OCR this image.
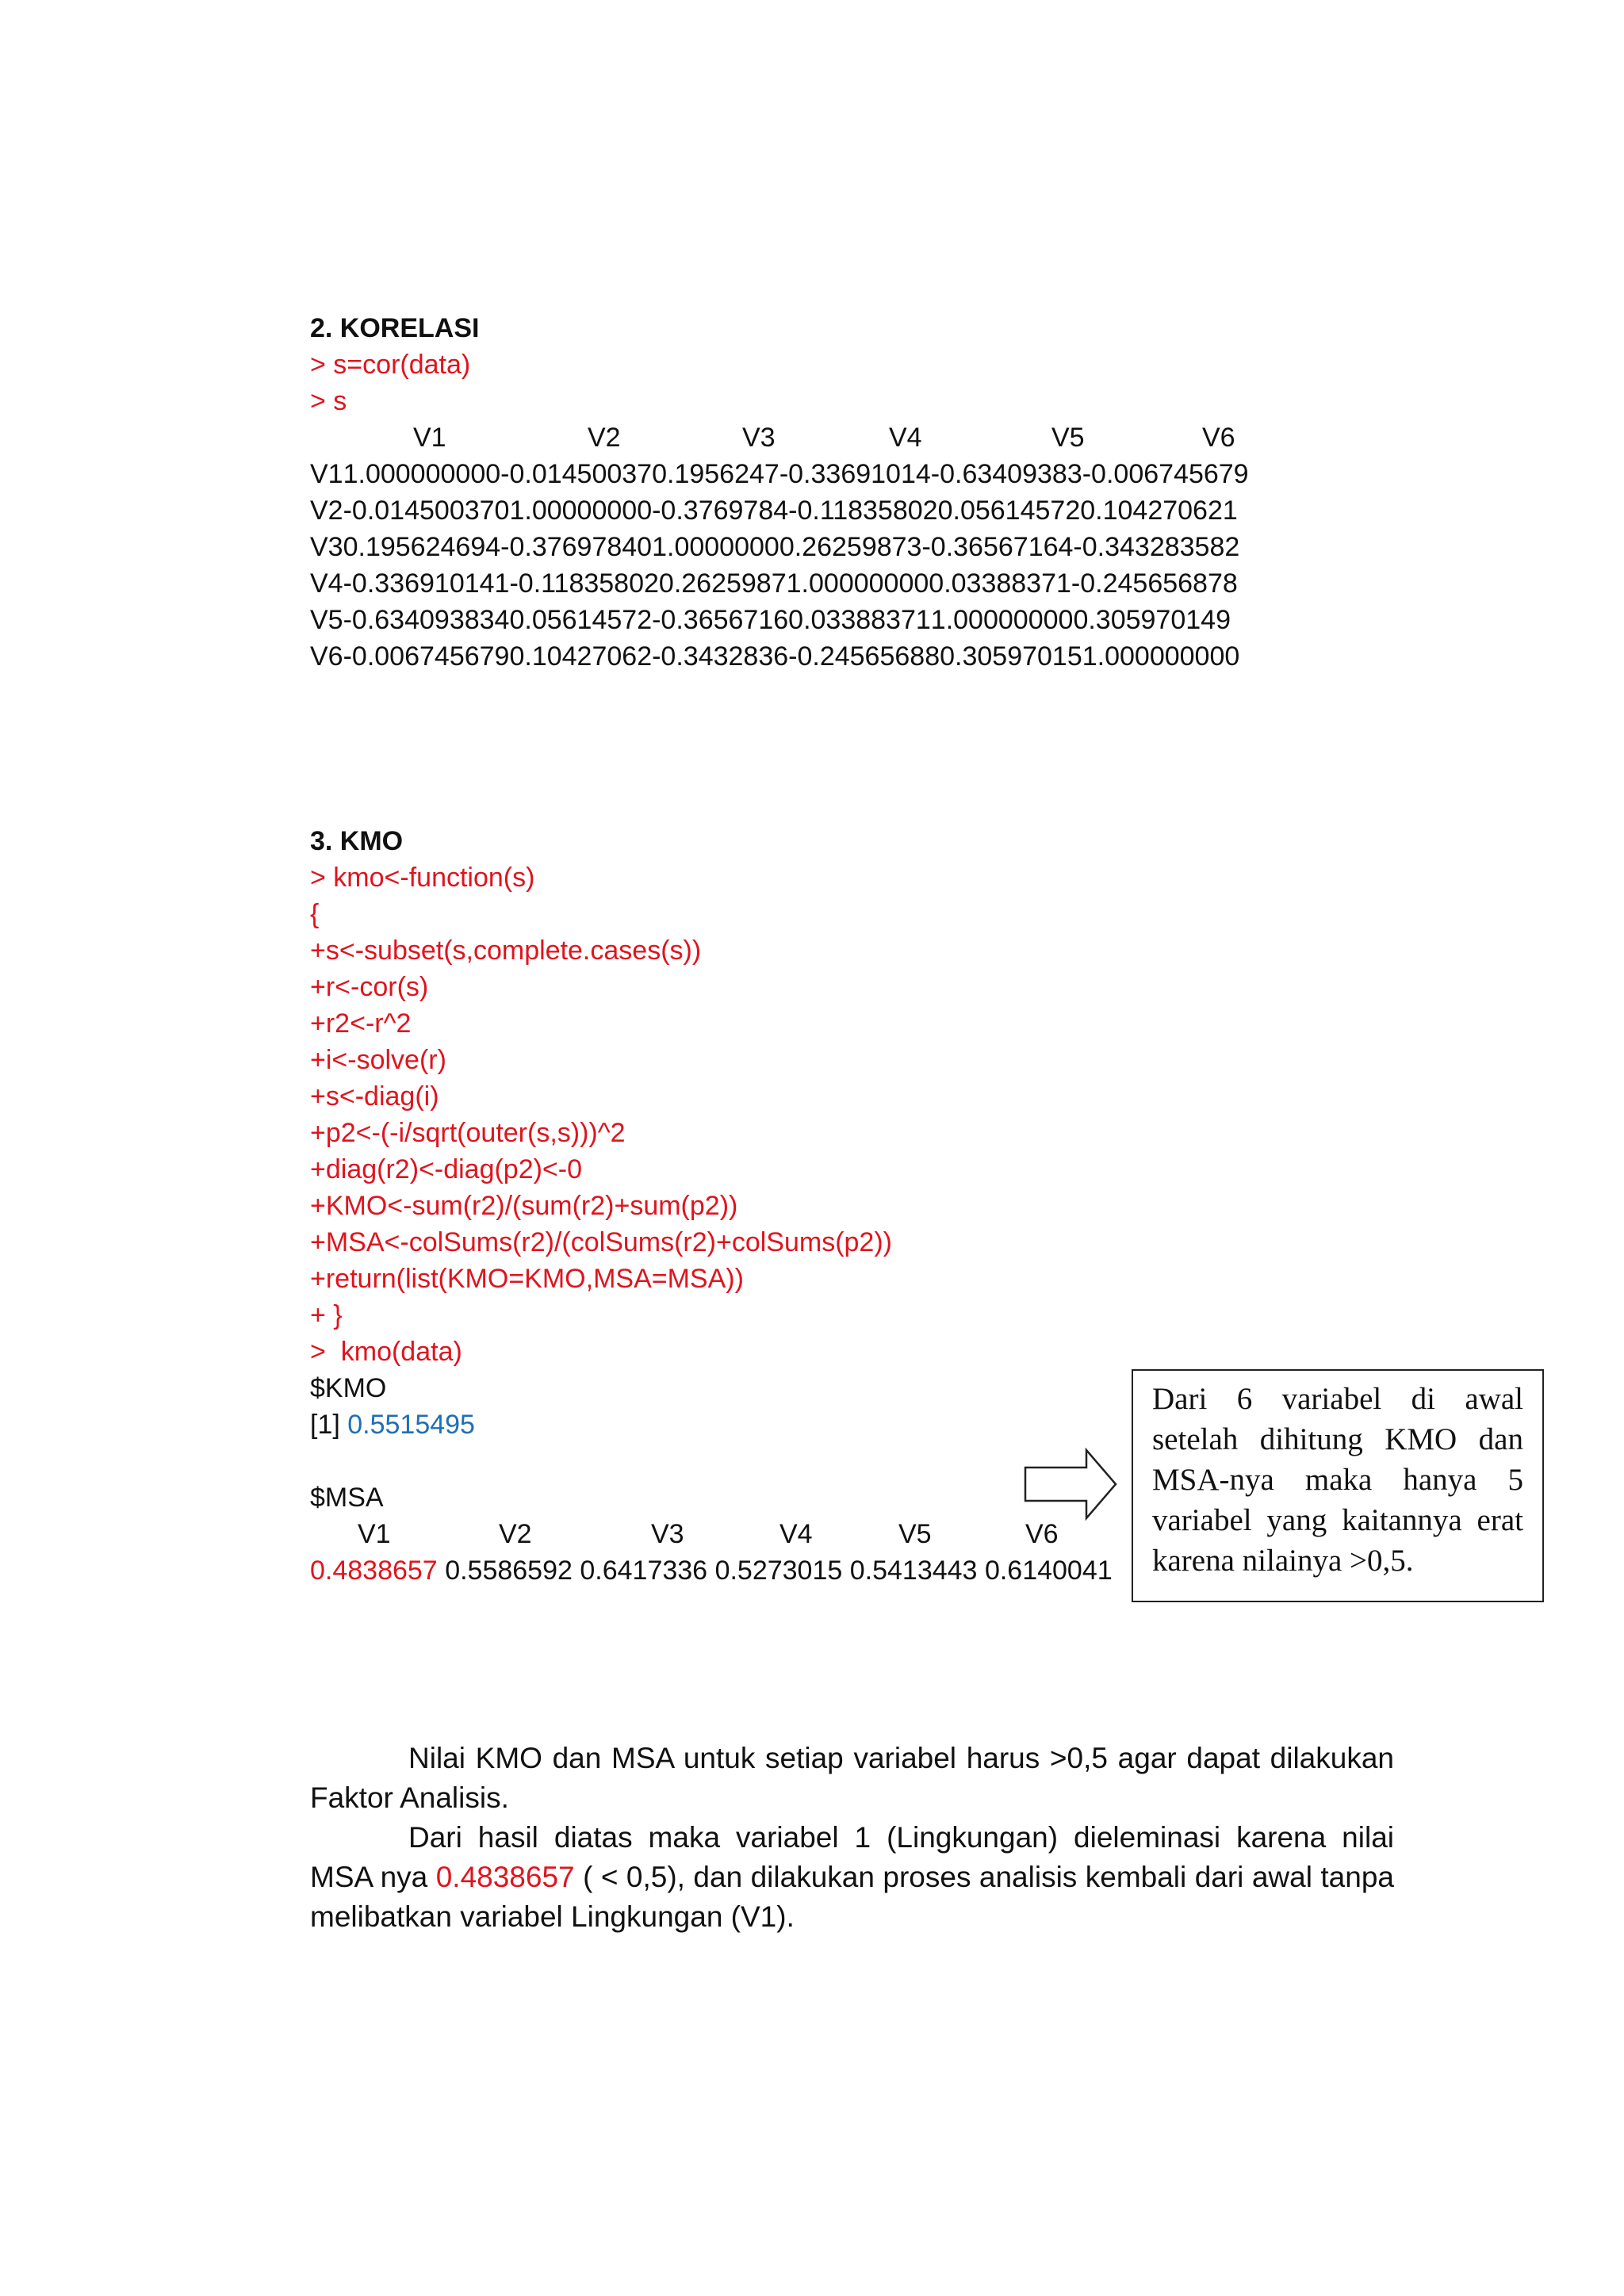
2. KORELASI
> s=cor(data)
> s
V1	V2	V3	V4	V5	V6
V1 1.000000000 -0.01450037 0.1956247 -0.33691014 -0.63409383 -0.006745679
V2 -0.014500370 1.00000000 -0.3769784 -0.11835802 0.05614572 0.104270621
V3 0.195624694 -0.37697840 1.0000000 0.26259873 -0.36567164 -0.343283582
V4 -0.336910141 -0.11835802 0.2625987 1.00000000 0.03388371 -0.245656878
V5 -0.634093834 0.05614572 -0.3656716 0.03388371 1.00000000 0.305970149
V6 -0.006745679 0.10427062 -0.3432836 -0.24565688 0.30597015 1.000000000
3. KMO
> kmo<-function(s)
{
+s<-subset(s,complete.cases(s))
+r<-cor(s)
+r2<-r^2
+i<-solve(r)
+s<-diag(i)
+p2<-(-i/sqrt(outer(s,s)))^2
+diag(r2)<-diag(p2)<-0
+KMO<-sum(r2)/(sum(r2)+sum(p2))
+MSA<-colSums(r2)/(colSums(r2)+colSums(p2))
+return(list(KMO=KMO,MSA=MSA))
+ }
>  kmo(data)
$KMO
[1] 0.5515495
$MSA
V1	V2	V3	V4	V5	V6
0.4838657 0.5586592 0.6417336 0.5273015 0.5413443 0.6140041
Dari 6 variabel di awal setelah dihitung KMO dan MSA-nya maka hanya 5 variabel yang kaitannya erat karena nilainya >0,5.
Nilai KMO dan MSA untuk setiap variabel harus >0,5 agar dapat dilakukan Faktor Analisis.
Dari hasil diatas maka variabel 1 (Lingkungan) dieleminasi karena nilai MSA nya 0.4838657 ( < 0,5), dan dilakukan proses analisis kembali dari awal tanpa melibatkan variabel Lingkungan (V1).
